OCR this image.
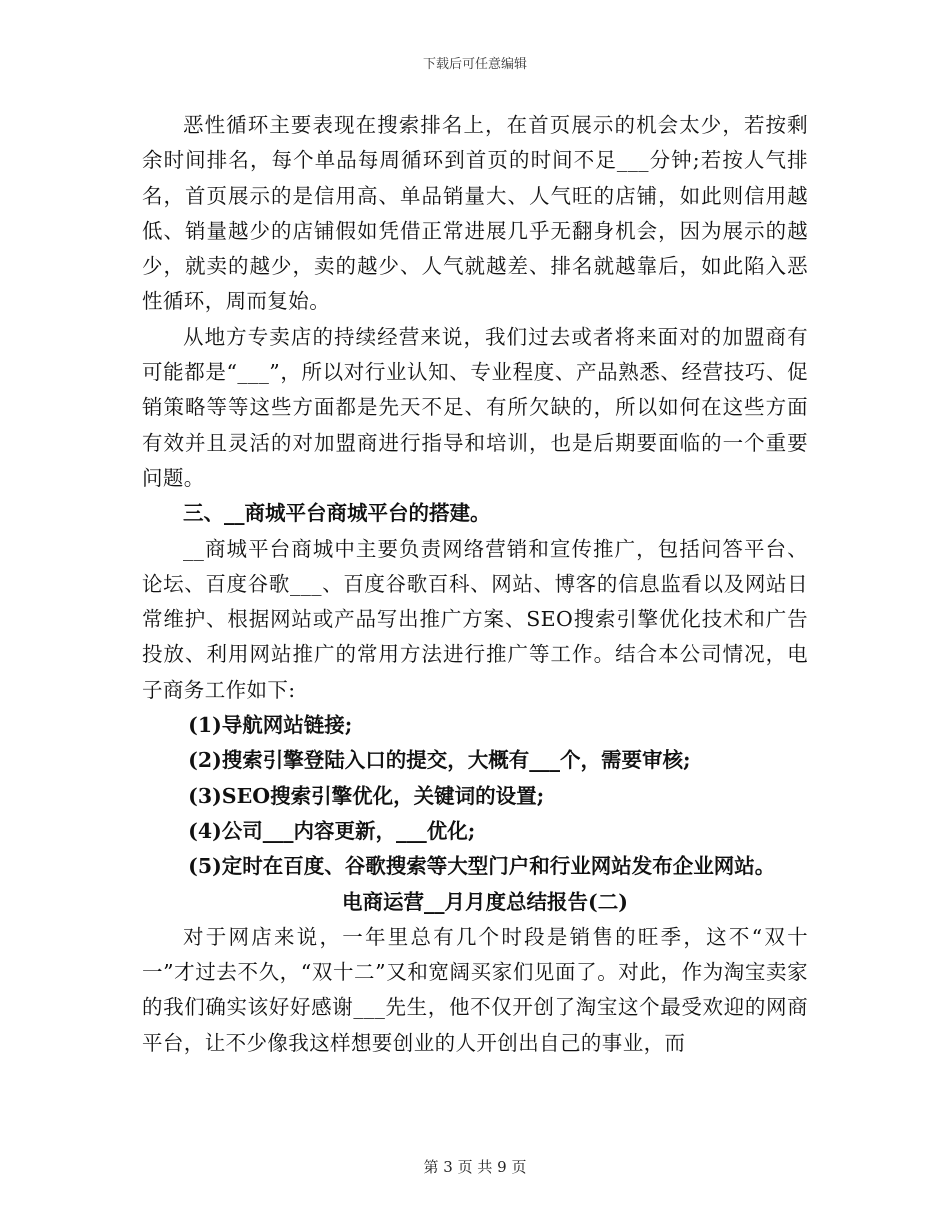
下载后可任意编辑

恶性循环主要表现在搜索排名上，在首页展示的机会太少，若按剩余时间排名，每个单品每周循环到首页的时间不足___分钟;若按人气排名，首页展示的是信用高、单品销量大、人气旺的店铺，如此则信用越低、销量越少的店铺假如凭借正常进展几乎无翻身机会，因为展示的越少，就卖的越少，卖的越少、人气就越差、排名就越靠后，如此陷入恶性循环，周而复始。

从地方专卖店的持续经营来说，我们过去或者将来面对的加盟商有可能都是“___”，所以对行业认知、专业程度、产品熟悉、经营技巧、促销策略等等这些方面都是先天不足、有所欠缺的，所以如何在这些方面有效并且灵活的对加盟商进行指导和培训，也是后期要面临的一个重要问题。

三、__商城平台商城平台的搭建。

__商城平台商城中主要负责网络营销和宣传推广，包括问答平台、论坛、百度谷歌___、百度谷歌百科、网站、博客的信息监看以及网站日常维护、根据网站或产品写出推广方案、SEO搜索引擎优化技术和广告投放、利用网站推广的常用方法进行推广等工作。结合本公司情况，电子商务工作如下:

(1)导航网站链接;

(2)搜索引擎登陆入口的提交，大概有___个，需要审核;

(3)SEO搜索引擎优化，关键词的设置;

(4)公司___内容更新，___优化;

(5)定时在百度、谷歌搜索等大型门户和行业网站发布企业网站。

电商运营__月月度总结报告(二)

对于网店来说，一年里总有几个时段是销售的旺季，这不“双十一”才过去不久，“双十二”又和宽阔买家们见面了。对此，作为淘宝卖家的我们确实该好好感谢___先生，他不仅开创了淘宝这个最受欢迎的网商平台，让不少像我这样想要创业的人开创出自己的事业，而

第 3 页 共 9 页
